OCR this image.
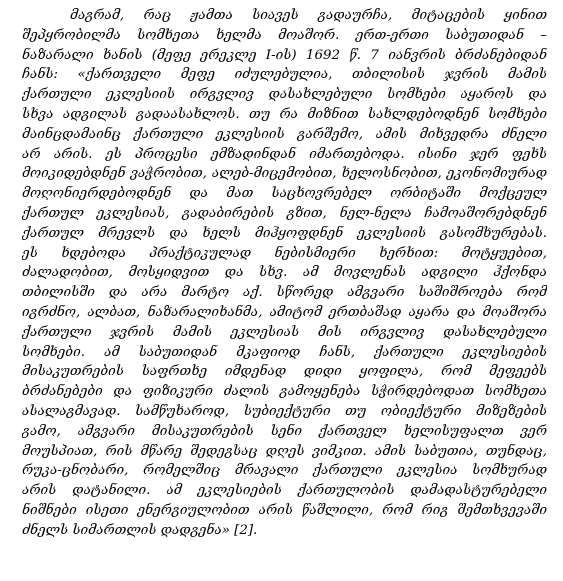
მაგრამ, რაც ჟამთა სიავეს გადაურჩა, მიტაცების ყინით
შეპყრობილმა სომხეთა ხელმა მოაშორ. ერთ-ერთი საბუთიდან –
ნაზარალი ხანის (მეფე ერეკლე I-ის) 1692 წ. 7 იანვრის ბრძანებიდან
ჩანს: «ქართველი მეფე იძულებულია, თბილისის ჯვრის მამის
ქართული ეკლესიის ირგვლივ დასახლებული სომხები აყაროს და
სხვა ადგილას გადაასახლოს. თუ რა მიზნით სახლდებოდნენ სომხები
მაინცდამაინც ქართული ეკლესიის გარშემო, ამის მიხვედრა ძნელი
არ არის. ეს პროცესი ემზადინდან იმართებოდა. ისინი ჯერ ფეხს
მოიკიდებდნენ ვაჭრობით, ალებ-მიცემობით, ხელოსნობით, ეკონომიურად
მოღონიერდებოდნენ და მათ საცხოვრებელ ორბიტაში მოქცეულ
ქართულ ეკლესიას, გადაბირების გზით, ნელ-ნელა ჩამოაშორებდნენ
ქართულ მრევლს და ხელს მიჰყოფდნენ ეკლესიის გასომხურებას.
ეს ხდებოდა პრაქტიკულად ნებისმიერი ხერხით: მოტყუებით,
ძალადობით, მოსყიდვით და სხვ. ამ მოვლენას ადგილი ჰქონდა
თბილისში და არა მარტო აქ. სწორედ ამგვარი საშიშროება რომ
იგრძნო, ალბათ, ნაზარალიხანმა, ამიტომ ერთბაშად აყარა და მოაშორა
ქართული ჯვრის მამის ეკლესიას მის ირგვლივ დასახლებული
სომხები. ამ საბუთიდან მკაფიოდ ჩანს, ქართული ეკლესიების
მისაკუთრების საფრთხე იმდენად დიდი ყოფილა, რომ მეფეებს
ბრძანებები და ფიზიკური ძალის გამოყენება სჭირდებოდათ სომხეთა
ასალაგმავად. სამწუხაროდ, სუბიექტური თუ ობიექტური მიზეზების
გამო, ამგვარი მისაკუთრების სენი ქართველ ხელისუფალთ ვერ
მოუსპიათ, რის მწარე შედეგსაც დღეს ვიმკით. ამის საბუთია, თუნდაც,
რუკა-ცნობარი, რომელშიც მრავალი ქართული ეკლესია სომხურად
არის დატანილი. ამ ეკლესიების ქართულობის დამადასტურებელი
ნიშნები ისეთი ენერგიულობით არის წაშლილი, რომ რიგ შემთხვევაში
ძნელს სიმართლის დადგენა» [2].
